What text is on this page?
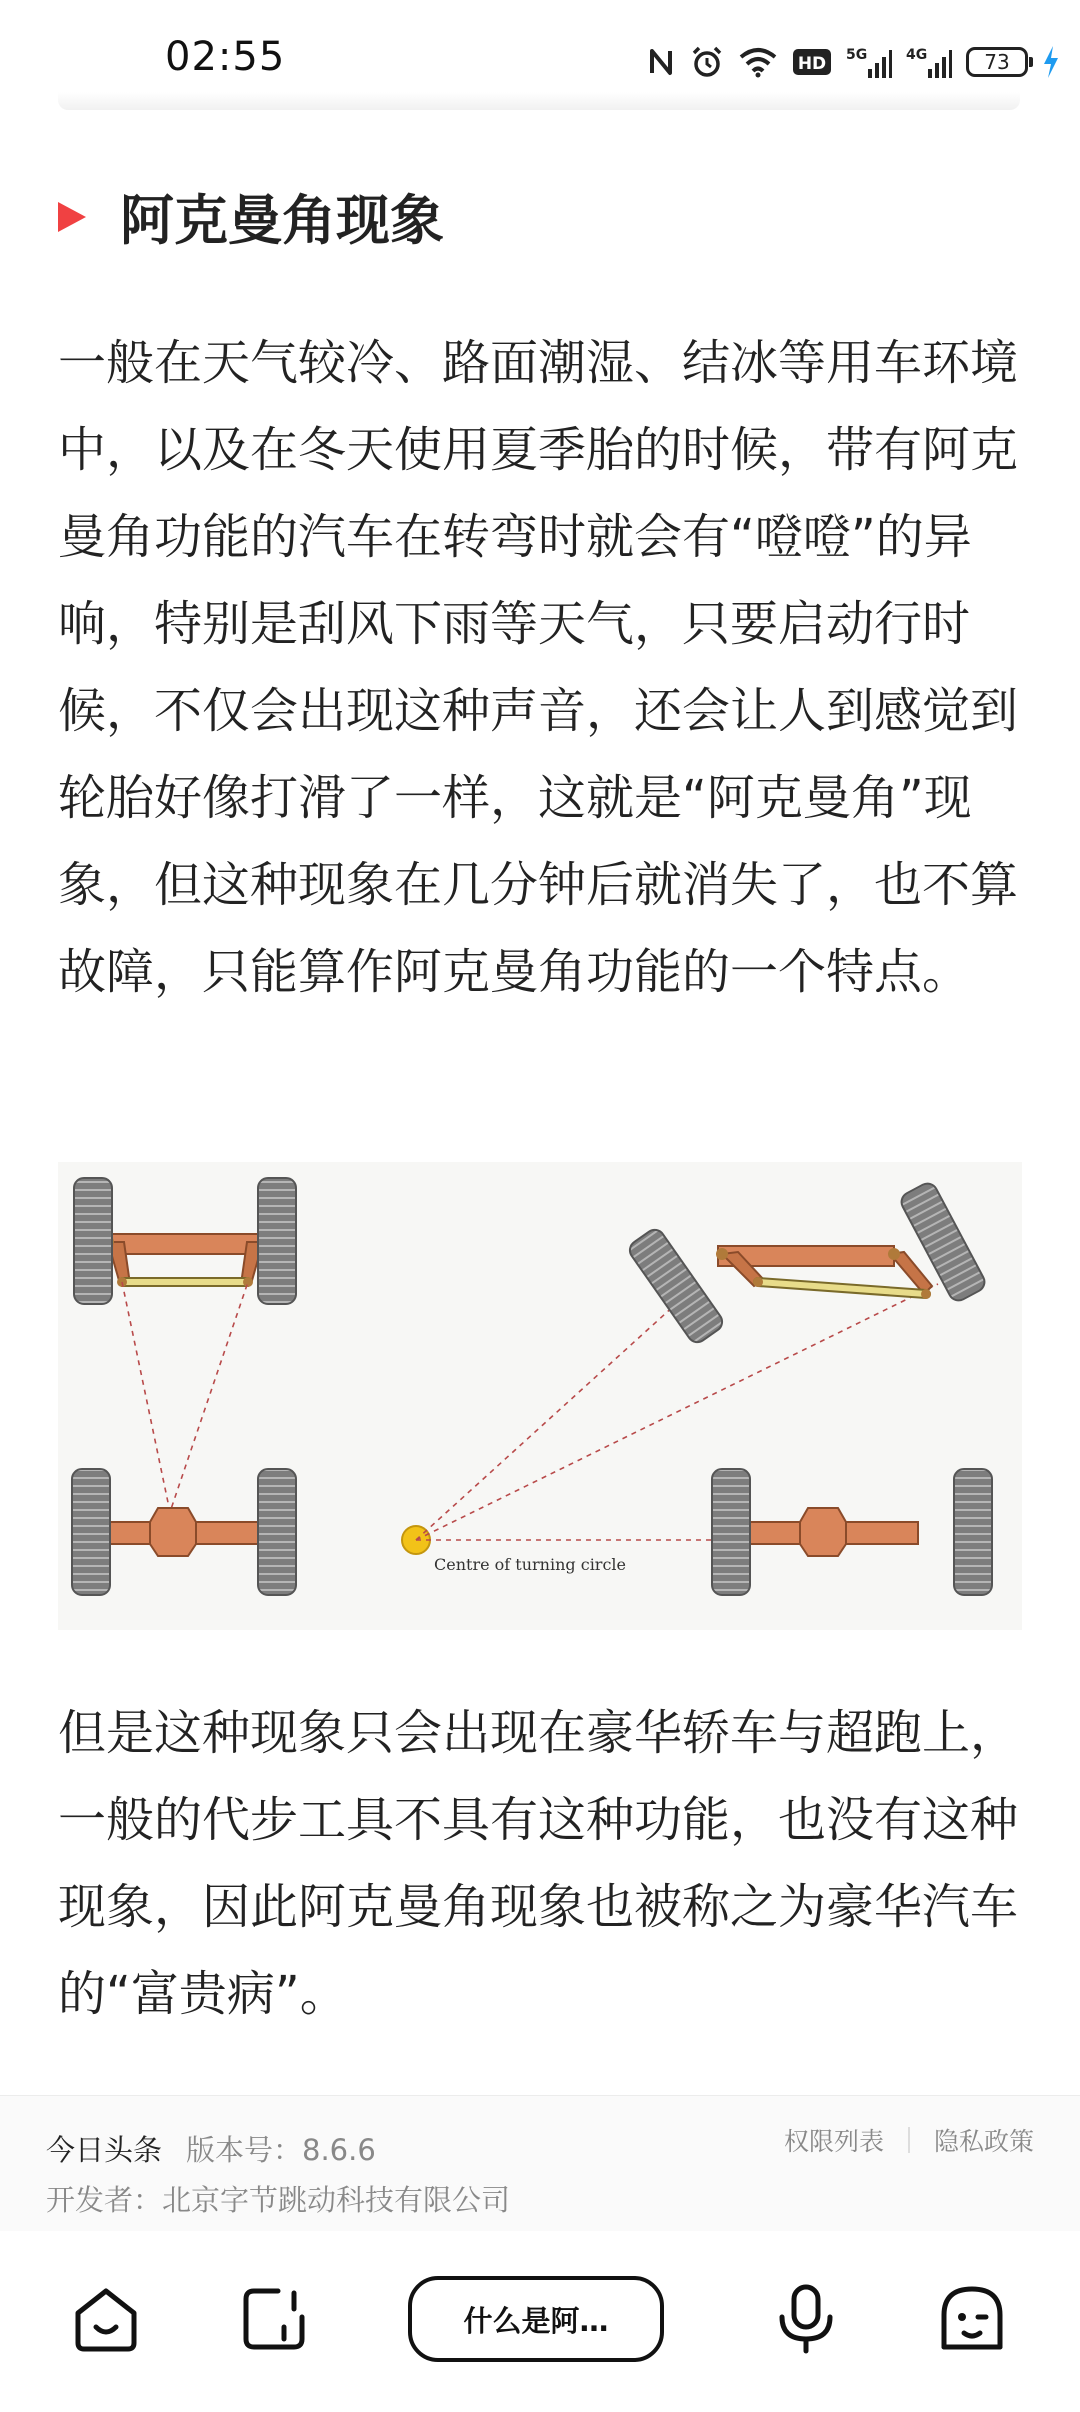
02:55	HD 5G	4G	73
阿克曼角现象

一般在天气较冷、路面潮湿、结冰等用车环境中，以及在冬天使用夏季胎的时候，带有阿克曼角功能的汽车在转弯时就会有“噔噔”的异响，特别是刮风下雨等天气，只要启动行时候，不仅会出现这种声音，还会让人到感觉到轮胎好像打滑了一样，这就是“阿克曼角”现象，但这种现象在几分钟后就消失了，也不算故障，只能算作阿克曼角功能的一个特点。

Centre of turning circle

但是这种现象只会出现在豪华轿车与超跑上，一般的代步工具不具有这种功能，也没有这种现象，因此阿克曼角现象也被称之为豪华汽车的“富贵病”。

今日头条 版本号：8.6.6
开发者：北京字节跳动科技有限公司
权限列表 隐私政策
什么是阿…
